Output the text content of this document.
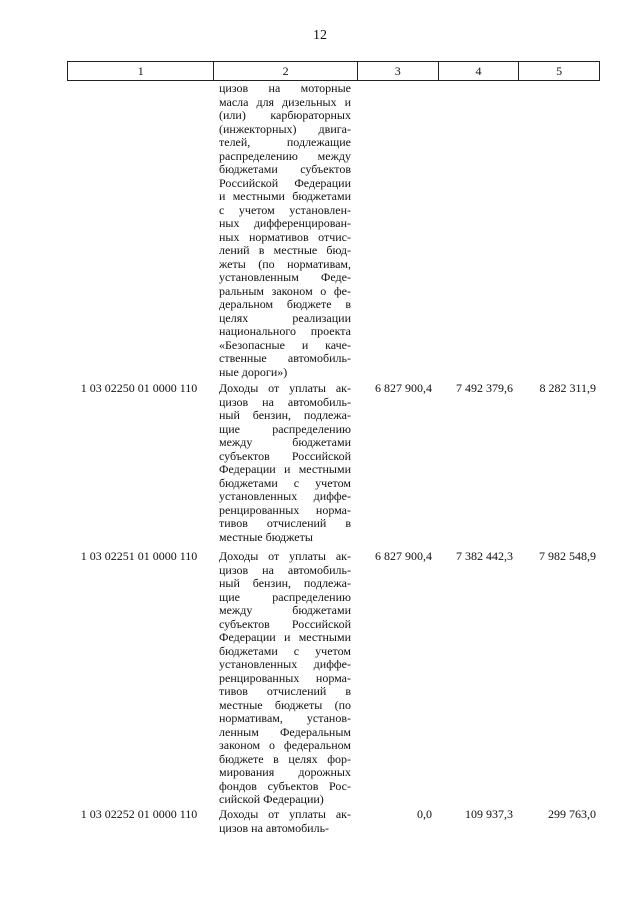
12
1	2	3	4	5
цизов на моторные
масла для дизельных и
(или) карбюраторных
(инжекторных) двига-
телей, подлежащие
распределению между
бюджетами субъектов
Российской Федерации
и местными бюджетами
с учетом установлен-
ных дифференцирован-
ных нормативов отчис-
лений в местные бюд-
жеты (по нормативам,
установленным Феде-
ральным законом о фе-
деральном бюджете в
целях реализации
национального проекта
«Безопасные и каче-
ственные автомобиль-
ные дороги»)
1 03 02250 01 0000 110	Доходы от уплаты ак-
цизов на автомобиль-
ный бензин, подлежа-
щие распределению
между бюджетами
субъектов Российской
Федерации и местными
бюджетами с учетом
установленных диффе-
ренцированных норма-
тивов отчислений в
местные бюджеты
6 827 900,4	7 492 379,6	8 282 311,9
1 03 02251 01 0000 110	Доходы от уплаты ак-
цизов на автомобиль-
ный бензин, подлежа-
щие распределению
между бюджетами
субъектов Российской
Федерации и местными
бюджетами с учетом
установленных диффе-
ренцированных норма-
тивов отчислений в
местные бюджеты (по
нормативам, установ-
ленным Федеральным
законом о федеральном
бюджете в целях фор-
мирования дорожных
фондов субъектов Рос-
сийской Федерации)
6 827 900,4	7 382 442,3	7 982 548,9
1 03 02252 01 0000 110	Доходы от уплаты ак-
цизов на автомобиль-
0,0	109 937,3	299 763,0
